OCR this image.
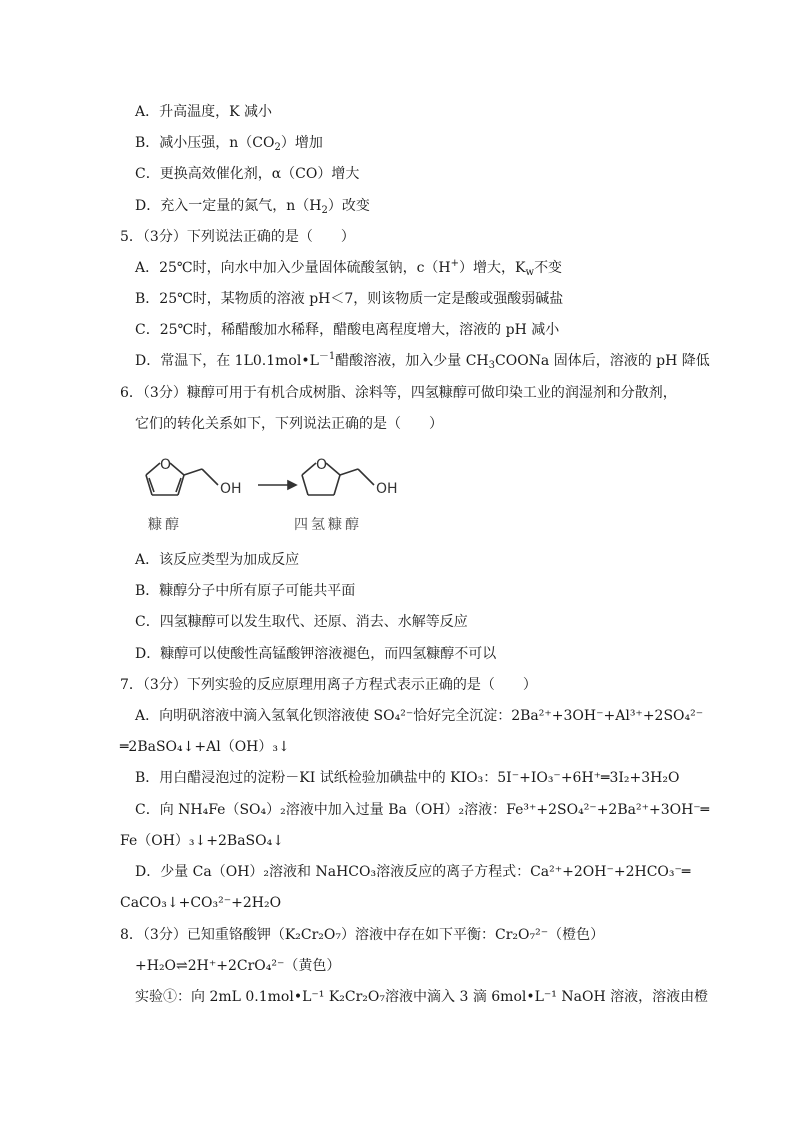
A．升高温度，K 减小
B．减小压强，$n(CO_2)$增加
C．更换高效催化剂，α（CO）增大
D．充入一定量的氮气，$n(H_2)$改变
5．（3分）下列说法正确的是（　　）
A．25℃时，向水中加入少量固体硫酸氢钠，c（H+）增大，$K_w$不变
B．25℃时，某物质的溶液 pH＜7，则该物质一定是酸或强酸弱碱盐
C．25℃时，稀醋酸加水稀释，醋酸电离程度增大，溶液的 pH 减小
D．常温下，在 $1L0.1mol•L^{-1}$醋酸溶液，加入少量 $CH_3COONa$ 固体后，溶液的 pH 降低
6．（3分）糠醇可用于有机合成树脂、涂料等，四氢糠醇可做印染工业的润湿剂和分散剂，
它们的转化关系如下，下列说法正确的是（　　）
O
OH
O
OH
糠醇	四氢糠醇
A．该反应类型为加成反应
B．糠醇分子中所有原子可能共平面
C．四氢糠醇可以发生取代、还原、消去、水解等反应
D．糠醇可以使酸性高锰酸钾溶液褪色，而四氢糠醇不可以
7．（3分）下列实验的反应原理用离子方程式表示正确的是（　　）
A．向明矾溶液中滴入氢氧化钡溶液使 SO₄²⁻恰好完全沉淀：2Ba²⁺+3OH⁻+Al³⁺+2SO₄²⁻
═2BaSO₄↓+Al（OH）₃↓
B．用白醋浸泡过的淀粉－KI 试纸检验加碘盐中的 KIO₃：5I⁻+IO₃⁻+6H⁺═3I₂+3H₂O
C．向 NH₄Fe（SO₄）₂溶液中加入过量 Ba（OH）₂溶液：Fe³⁺+2SO₄²⁻+2Ba²⁺+3OH⁻═
Fe（OH）₃↓+2BaSO₄↓
D．少量 Ca（OH）₂溶液和 NaHCO₃溶液反应的离子方程式：Ca²⁺+2OH⁻+2HCO₃⁻═
CaCO₃↓+CO₃²⁻+2H₂O
8．（3分）已知重铬酸钾（K₂Cr₂O₇）溶液中存在如下平衡：Cr₂O₇²⁻（橙色）
+H₂O⇌2H⁺+2CrO₄²⁻（黄色）
实验①：向 2mL 0.1mol•L⁻¹ K₂Cr₂O₇溶液中滴入 3 滴 6mol•L⁻¹ NaOH 溶液，溶液由橙
